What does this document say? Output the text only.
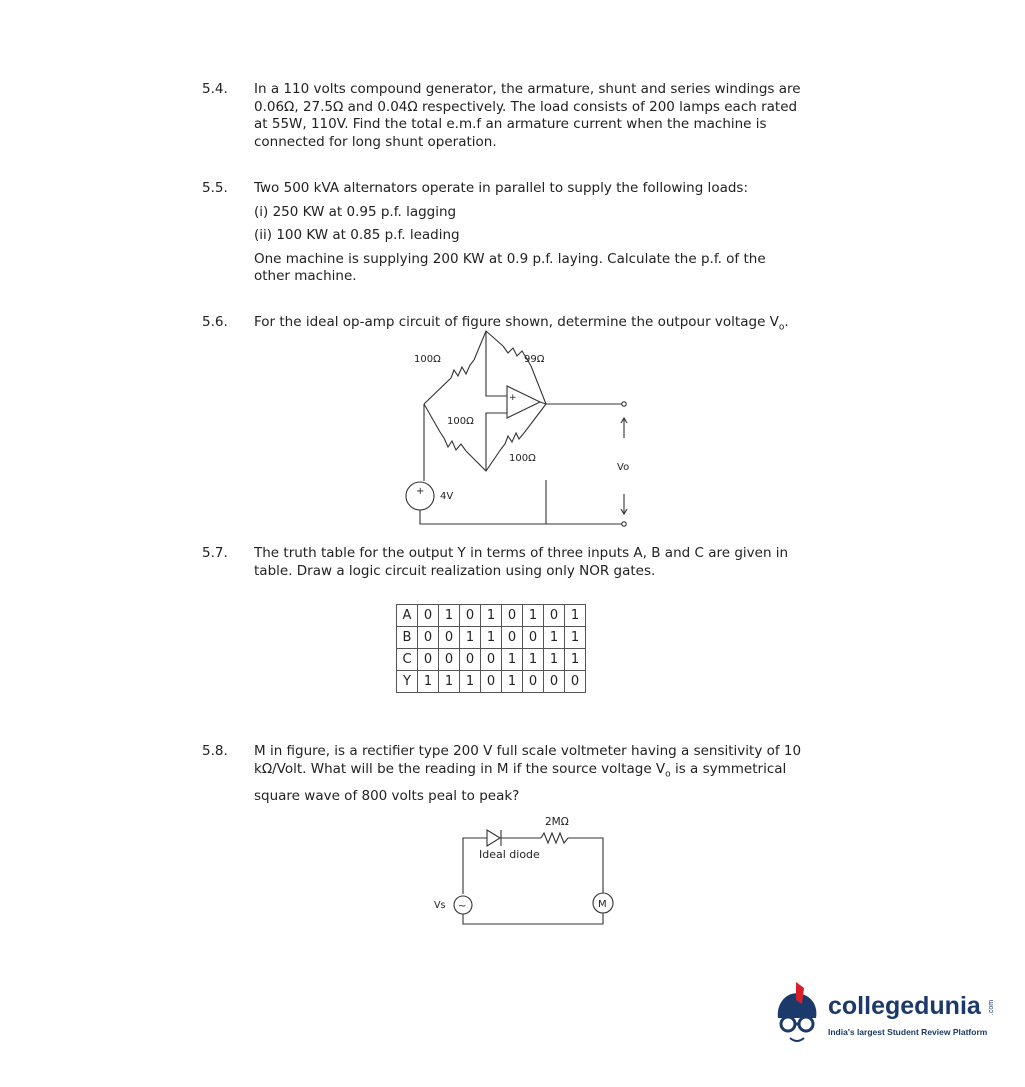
5.4. In a 110 volts compound generator, the armature, shunt and series windings are
0.06Ω, 27.5Ω and 0.04Ω respectively. The load consists of 200 lamps each rated
at 55W, 110V. Find the total e.m.f an armature current when the machine is
connected for long shunt operation.
5.5. Two 500 kVA alternators operate in parallel to supply the following loads:
(i) 250 KW at 0.95 p.f. lagging
(ii) 100 KW at 0.85 p.f. leading
One machine is supplying 200 KW at 0.9 p.f. laying. Calculate the p.f. of the
other machine.
5.6. For the ideal op-amp circuit of figure shown, determine the outpour voltage $V_o$.
100Ω	99Ω
100Ω
100Ω
+
+ 4V
Vo
2MΩ
Ideal diode
Vs ~	M
5.7. The truth table for the output Y in terms of three inputs A, B and C are given in
table. Draw a logic circuit realization using only NOR gates.
A	0	1	0	1	0	1	0	1
B	0	0	1	1	0	0	1	1
C	0	0	0	0	1	1	1	1
Y	1	1	1	0	1	0	0	0
5.8. M in figure, is a rectifier type 200 V full scale voltmeter having a sensitivity of 10
kΩ/Volt. What will be the reading in M if the source voltage $V_o$ is a symmetrical
square wave of 800 volts peal to peak?
collegedunia .com
India's largest Student Review Platform
